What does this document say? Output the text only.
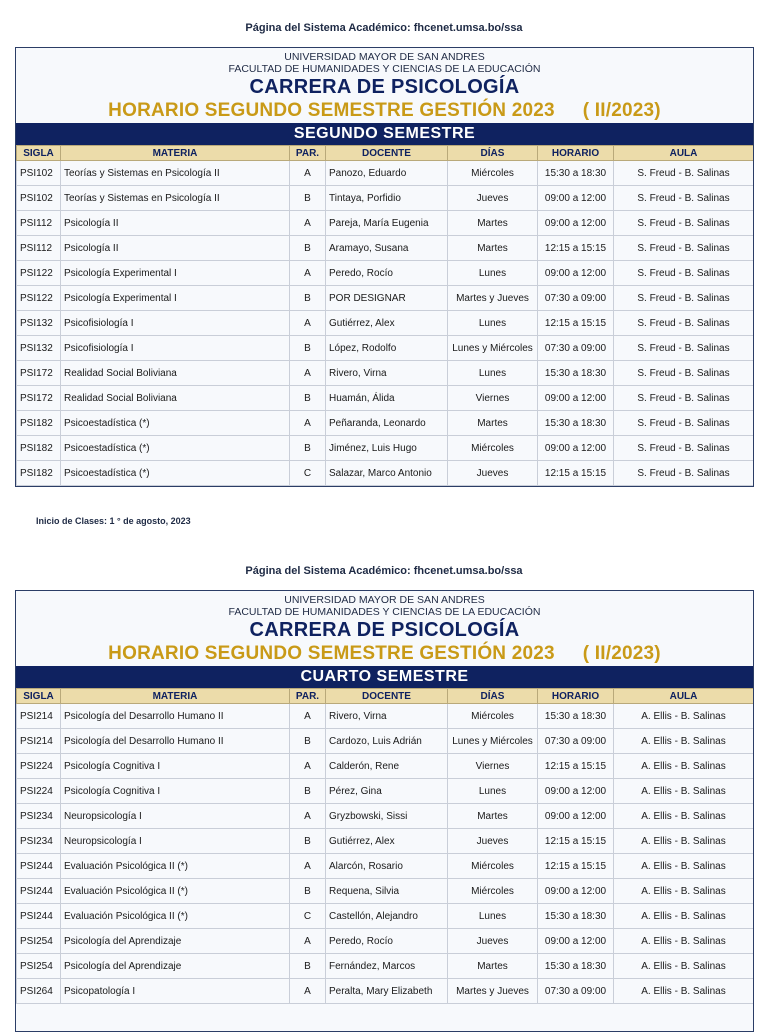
Página del Sistema Académico: fhcenet.umsa.bo/ssa
UNIVERSIDAD MAYOR DE SAN ANDRES
FACULTAD DE HUMANIDADES Y CIENCIAS DE LA EDUCACIÓN
CARRERA DE PSICOLOGÍA
HORARIO SEGUNDO SEMESTRE GESTIÓN 2023 ( II/2023)
SEGUNDO SEMESTRE
SIGLA	MATERIA	PAR.	DOCENTE	DÍAS	HORARIO	AULA
PSI102	Teorías y Sistemas en Psicología II	A	Panozo, Eduardo	Miércoles	15:30 a 18:30	S. Freud - B. Salinas
PSI102	Teorías y Sistemas en Psicología II	B	Tintaya, Porfidio	Jueves	09:00 a 12:00	S. Freud - B. Salinas
PSI112	Psicología II	A	Pareja, María Eugenia	Martes	09:00 a 12:00	S. Freud - B. Salinas
PSI112	Psicología II	B	Aramayo, Susana	Martes	12:15 a 15:15	S. Freud - B. Salinas
PSI122	Psicología Experimental I	A	Peredo, Rocío	Lunes	09:00 a 12:00	S. Freud - B. Salinas
PSI122	Psicología Experimental I	B	POR DESIGNAR	Martes y Jueves	07:30 a 09:00	S. Freud - B. Salinas
PSI132	Psicofisiología I	A	Gutiérrez, Alex	Lunes	12:15 a 15:15	S. Freud - B. Salinas
PSI132	Psicofisiología I	B	López, Rodolfo	Lunes y Miércoles	07:30 a 09:00	S. Freud - B. Salinas
PSI172	Realidad Social Boliviana	A	Rivero, Virna	Lunes	15:30 a 18:30	S. Freud - B. Salinas
PSI172	Realidad Social Boliviana	B	Huamán, Álida	Viernes	09:00 a 12:00	S. Freud - B. Salinas
PSI182	Psicoestadística (*)	A	Peñaranda, Leonardo	Martes	15:30 a 18:30	S. Freud - B. Salinas
PSI182	Psicoestadística (*)	B	Jiménez, Luis Hugo	Miércoles	09:00 a 12:00	S. Freud - B. Salinas
PSI182	Psicoestadística (*)	C	Salazar, Marco Antonio	Jueves	12:15 a 15:15	S. Freud - B. Salinas
Inicio de Clases: 1 ° de agosto, 2023
Página del Sistema Académico: fhcenet.umsa.bo/ssa
UNIVERSIDAD MAYOR DE SAN ANDRES
FACULTAD DE HUMANIDADES Y CIENCIAS DE LA EDUCACIÓN
CARRERA DE PSICOLOGÍA
HORARIO SEGUNDO SEMESTRE GESTIÓN 2023 ( II/2023)
CUARTO SEMESTRE
SIGLA	MATERIA	PAR.	DOCENTE	DÍAS	HORARIO	AULA
PSI214	Psicología del Desarrollo Humano II	A	Rivero, Virna	Miércoles	15:30 a 18:30	A. Ellis - B. Salinas
PSI214	Psicología del Desarrollo Humano II	B	Cardozo, Luis Adrián	Lunes y Miércoles	07:30 a 09:00	A. Ellis - B. Salinas
PSI224	Psicología Cognitiva I	A	Calderón, Rene	Viernes	12:15 a 15:15	A. Ellis - B. Salinas
PSI224	Psicología Cognitiva I	B	Pérez, Gina	Lunes	09:00 a 12:00	A. Ellis - B. Salinas
PSI234	Neuropsicología I	A	Gryzbowski, Sissi	Martes	09:00 a 12:00	A. Ellis - B. Salinas
PSI234	Neuropsicología I	B	Gutiérrez, Alex	Jueves	12:15 a 15:15	A. Ellis - B. Salinas
PSI244	Evaluación Psicológica II (*)	A	Alarcón, Rosario	Miércoles	12:15 a 15:15	A. Ellis - B. Salinas
PSI244	Evaluación Psicológica II (*)	B	Requena, Silvia	Miércoles	09:00 a 12:00	A. Ellis - B. Salinas
PSI244	Evaluación Psicológica II (*)	C	Castellón, Alejandro	Lunes	15:30 a 18:30	A. Ellis - B. Salinas
PSI254	Psicología del Aprendizaje	A	Peredo, Rocío	Jueves	09:00 a 12:00	A. Ellis - B. Salinas
PSI254	Psicología del Aprendizaje	B	Fernández, Marcos	Martes	15:30 a 18:30	A. Ellis - B. Salinas
PSI264	Psicopatología I	A	Peralta, Mary Elizabeth	Martes y Jueves	07:30 a 09:00	A. Ellis - B. Salinas
